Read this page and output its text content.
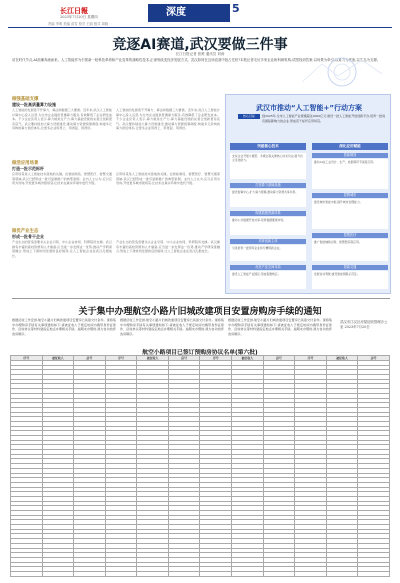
长江日報
2023年7月20日 星期四
责编 李明 美编 高雪 校对 王丽 版式 周晓
深度 ·解读	5
竞逐AI赛道,武汉要做三件事
长江日报记者 张维 通讯员 刘涛
站在时代节点,AI浪潮奔涌而来。人工智能作为引领新一轮科技革命和产业变革的战略性技术,正深刻改变经济发展方式。武汉如何在这场竞赛中抢占先机?本报记者走访多家企业和科研机构,试图找到答案:以场景为牵引,以算力为底座,以生态为支撑。
做强基础支撑
建设一批高质量算力设施
人工智能的发展离不开算力、算法和数据三大要素。近年来,武汉人工智能计算中心投入运营,为全市企业提供普惠算力服务,有效降低了企业研发成本。不少企业负责人表示,算力就是生产力,算力基础设施的完善让创新更有底气。武汉要持续加大算力设施建设,推动算力资源统筹调度,构建多元异构的算力供给体系,让更多企业用得上、用得起、用得好。
人工智能的发展离不开算力、算法和数据三大要素。近年来,武汉人工智能计算中心投入运营,为全市企业提供普惠算力服务,有效降低了企业研发成本。不少企业负责人表示,算力就是生产力,算力基础设施的完善让创新更有底气。武汉要持续加大算力设施建设,推动算力资源统筹调度,构建多元异构的算力供给体系,让更多企业用得上、用得起、用得好。
做活应用场景
打造一批示范标杆
应用场景是人工智能技术落地的关键。在智能制造、智慧医疗、智慧交通等领域,武汉已经形成一批可复制推广的典型案例。业内人士认为,应以应用为导向,开放更多城市级场景,让技术在真实环境中迭代升级。
应用场景是人工智能技术落地的关键。在智能制造、智慧医疗、智慧交通等领域,武汉已经形成一批可复制推广的典型案例。业内人士认为,应以应用为导向,开放更多城市级场景,让技术在真实环境中迭代升级。
做优产业生态
形成一批骨干企业
产业生态的营造需要龙头企业引领、中小企业协同、科研院所支撑。武汉拥有丰富的高校资源和人才储备,应当进一步发挥这一优势,推动产学研深度融合,形成上下游协同发展的良好格局,让人工智能企业在武汉扎根成长。
产业生态的营造需要龙头企业引领、中小企业协同、科研院所支撑。武汉拥有丰富的高校资源和人才储备,应当进一步发挥这一优势,推动产学研深度融合,形成上下游协同发展的良好格局,让人工智能企业在武汉扎根成长。
武汉市推动“人工智能+”行动方案
核心目标	到2025年,全市人工智能产业规模超过2000亿元,建设一批人工智能开放创新平台,培育一批具有国际影响力的企业,形成若干标杆应用场景。
突破核心技术	深化应用赋能
支持企业开展大模型、多模态等关键核心技术攻关,提升自主可控能力。
打造算力基础设施
建设智算中心,扩大算力规模,推动算力资源共享共用。
构建数据资源体系
推动公共数据开放共享,培育数据要素市场。
培育创新主体
引进培育一批领军企业和专精特新企业。
优化产业空间布局
建设人工智能产业园区,形成集聚效应。
智能制造
推动AI在工业设计、生产、检测等环节深度应用。
智慧城市
建设城市智能中枢,提升城市治理能力。
智慧医疗
推广智能辅助诊断、智慧医院等应用。
智能交通
发展自动驾驶,建设智能网联示范区。
关于集中办理航空小路片旧城改建项目安置房购房手续的通知
根据征收工作安排,航空小路片旧城改建项目安置房已具备交付条件。现将集中办理购房手续有关事项通知如下:请被征收人于规定时间内携带身份证原件、征收协议等材料到指定地点办理相关手续。逾期未办理的,视为自动放弃选房顺序。
根据征收工作安排,航空小路片旧城改建项目安置房已具备交付条件。现将集中办理购房手续有关事项通知如下:请被征收人于规定时间内携带身份证原件、征收协议等材料到指定地点办理相关手续。逾期未办理的,视为自动放弃选房顺序。
根据征收工作安排,航空小路片旧城改建项目安置房已具备交付条件。现将集中办理购房手续有关事项通知如下:请被征收人于规定时间内携带身份证原件、征收协议等材料到指定地点办理相关手续。逾期未办理的,视为自动放弃选房顺序。
武汉市江汉区房屋征收管理办公室 2023年7月20日
航空小路项目已签订预购房协议名单(第六批)
序号	被征收人	房号	序号	被征收人	房号	序号	被征收人	房号	序号	被征收人	房号
